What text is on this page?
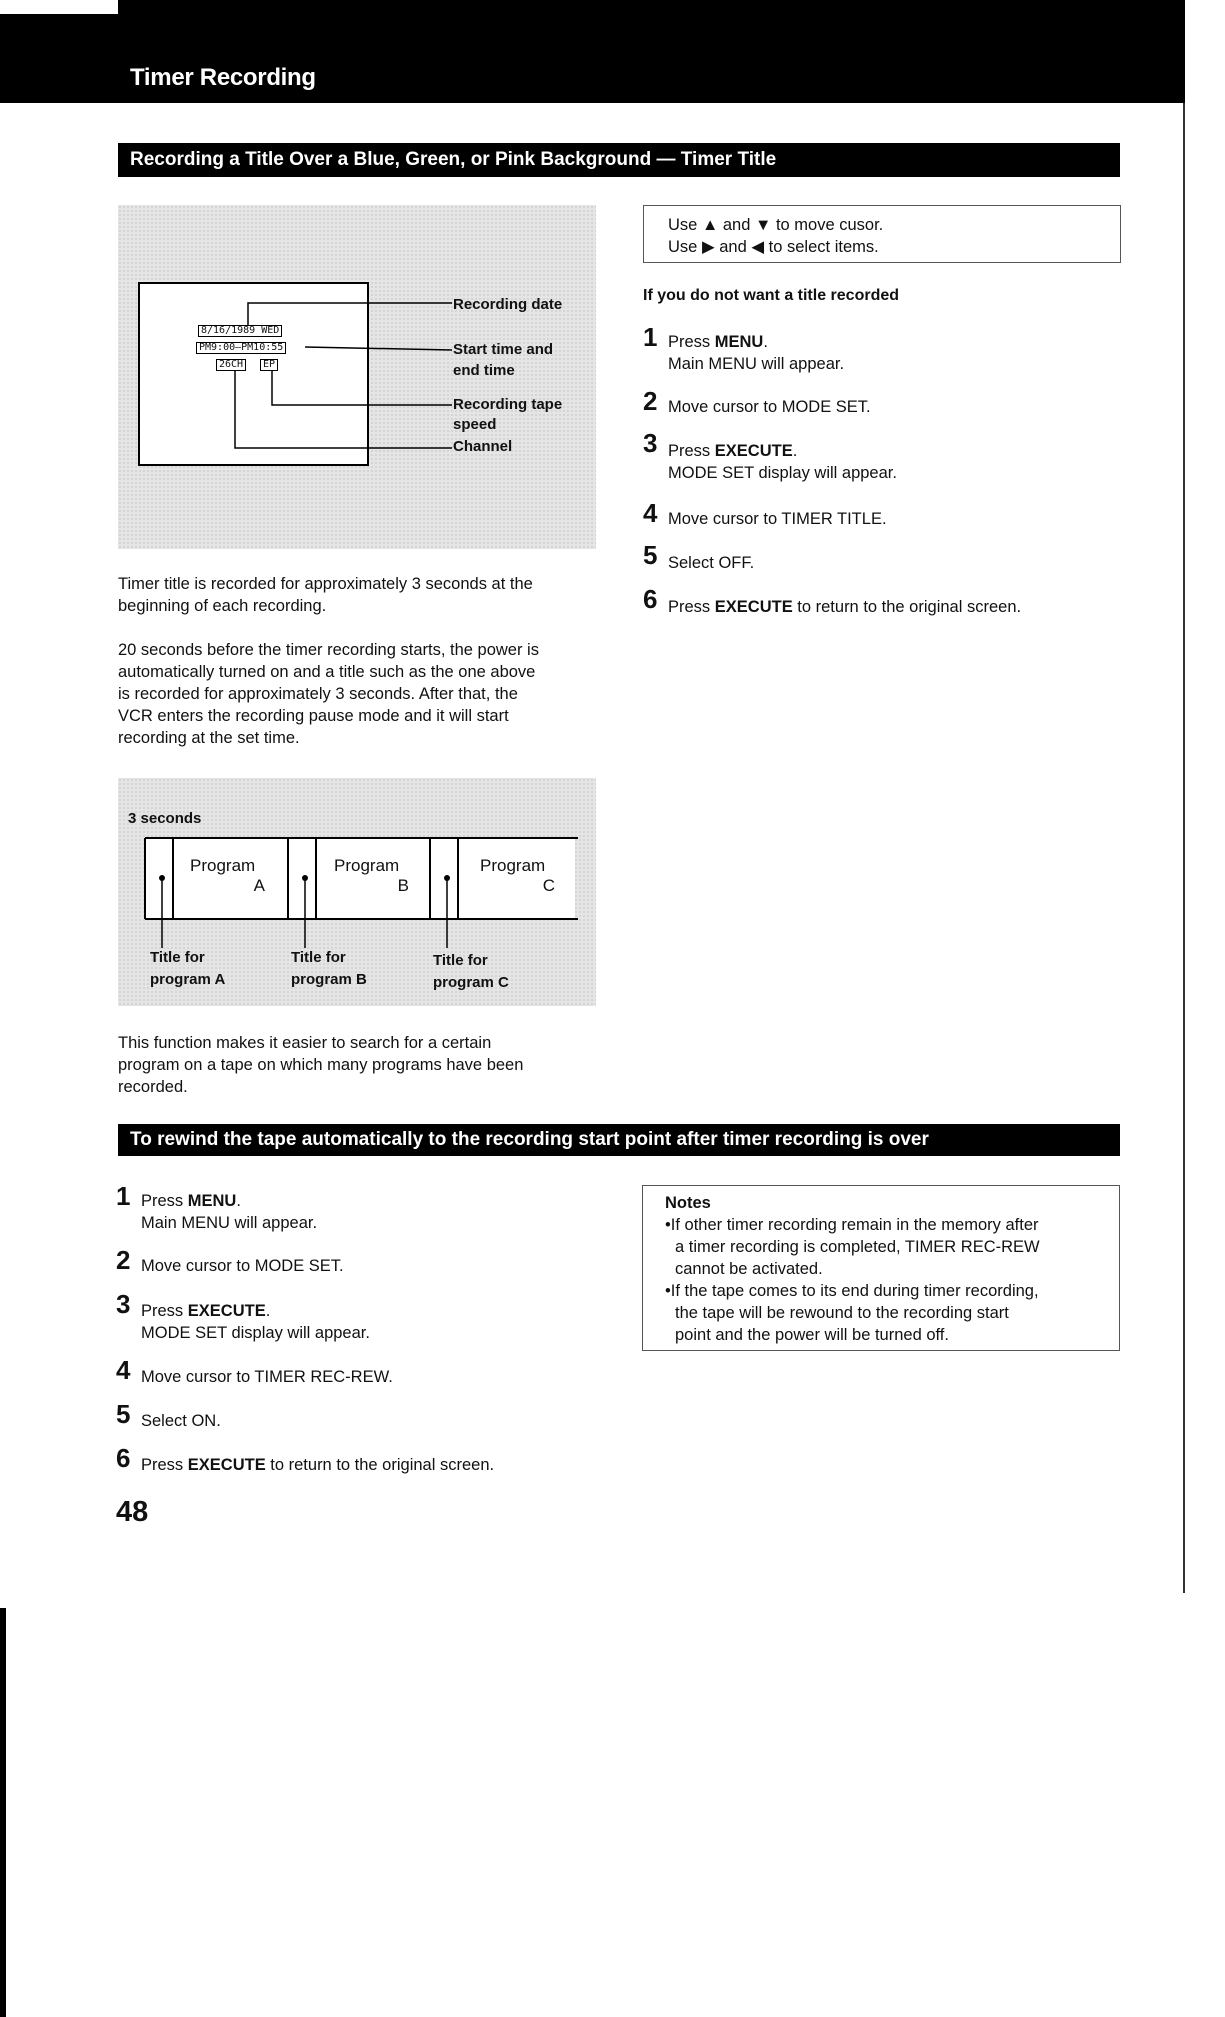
Timer Recording
Recording a Title Over a Blue, Green, or Pink Background — Timer Title
8/16/1989 WED
PM9:00—PM10:55
26CH	EP
Recording date
Start time and
end time
Recording tape
speed
Channel
Timer title is recorded for approximately 3 seconds at the
beginning of each recording.
20 seconds before the timer recording starts, the power is
automatically turned on and a title such as the one above
is recorded for approximately 3 seconds. After that, the
VCR enters the recording pause mode and it will start
recording at the set time.
3 seconds
Program
A
Program
B
Program
C
Title for
program A
Title for
program B
Title for
program C
This function makes it easier to search for a certain
program on a tape on which many programs have been
recorded.
Use ▲ and ▼ to move cusor.
Use ▶ and ◀ to select items.
If you do not want a title recorded
1 Press MENU.
Main MENU will appear.
2 Move cursor to MODE SET.
3 Press EXECUTE.
MODE SET display will appear.
4 Move cursor to TIMER TITLE.
5 Select OFF.
6 Press EXECUTE to return to the original screen.
To rewind the tape automatically to the recording start point after timer recording is over
1 Press MENU.
Main MENU will appear.
2 Move cursor to MODE SET.
3 Press EXECUTE.
MODE SET display will appear.
4 Move cursor to TIMER REC-REW.
5 Select ON.
6 Press EXECUTE to return to the original screen.
Notes
•If other timer recording remain in the memory after
a timer recording is completed, TIMER REC-REW
cannot be activated.
•If the tape comes to its end during timer recording,
the tape will be rewound to the recording start
point and the power will be turned off.
48
